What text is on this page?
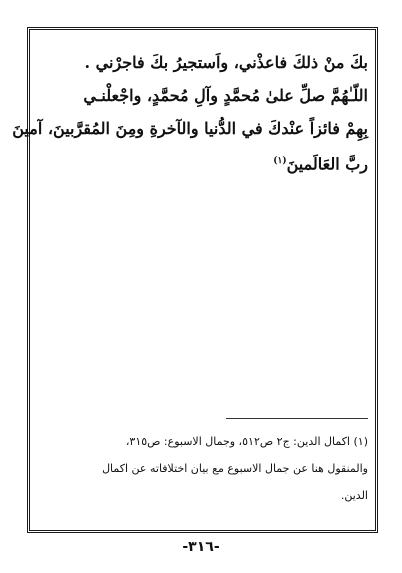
بكَ منْ ذلكَ فاعذْني، واَستجيرُ بكَ فاجرْني .
اللّـٰهُمَّ صلِّ علىٰ مُحمَّدٍ وآلِ مُحمَّدٍ، واجْعلْنـي
بِهِمْ فائزاً عنْدكَ في الدُّنيا والآخرةِ ومِنَ المُقرَّبينَ، آمينَ
ربَّ العَالَمينَ$^{(١)}$
(١) اكمال الدين: ج٢ ص٥١٢، وجمال الاسبوع: ص٣١٥،
والمنقول هنا عن جمال الاسبوع مع بيان اختلافاته عن اكمال
الدين.
-٣١٦-
